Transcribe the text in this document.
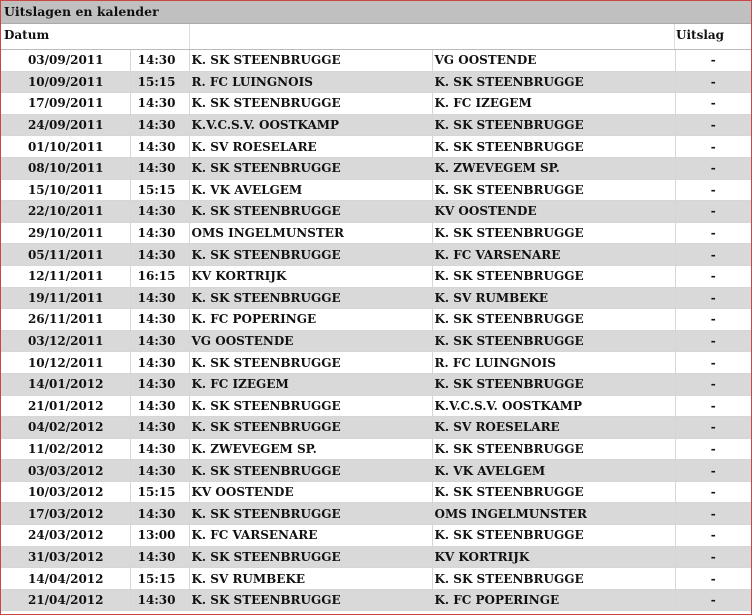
Uitslagen en kalender
Datum	Uitslag
03/09/2011	14:30	K. SK STEENBRUGGE	VG OOSTENDE	-
10/09/2011	15:15	R. FC LUINGNOIS	K. SK STEENBRUGGE	-
17/09/2011	14:30	K. SK STEENBRUGGE	K. FC IZEGEM	-
24/09/2011	14:30	K.V.C.S.V. OOSTKAMP	K. SK STEENBRUGGE	-
01/10/2011	14:30	K. SV ROESELARE	K. SK STEENBRUGGE	-
08/10/2011	14:30	K. SK STEENBRUGGE	K. ZWEVEGEM SP.	-
15/10/2011	15:15	K. VK AVELGEM	K. SK STEENBRUGGE	-
22/10/2011	14:30	K. SK STEENBRUGGE	KV OOSTENDE	-
29/10/2011	14:30	OMS INGELMUNSTER	K. SK STEENBRUGGE	-
05/11/2011	14:30	K. SK STEENBRUGGE	K. FC VARSENARE	-
12/11/2011	16:15	KV KORTRIJK	K. SK STEENBRUGGE	-
19/11/2011	14:30	K. SK STEENBRUGGE	K. SV RUMBEKE	-
26/11/2011	14:30	K. FC POPERINGE	K. SK STEENBRUGGE	-
03/12/2011	14:30	VG OOSTENDE	K. SK STEENBRUGGE	-
10/12/2011	14:30	K. SK STEENBRUGGE	R. FC LUINGNOIS	-
14/01/2012	14:30	K. FC IZEGEM	K. SK STEENBRUGGE	-
21/01/2012	14:30	K. SK STEENBRUGGE	K.V.C.S.V. OOSTKAMP	-
04/02/2012	14:30	K. SK STEENBRUGGE	K. SV ROESELARE	-
11/02/2012	14:30	K. ZWEVEGEM SP.	K. SK STEENBRUGGE	-
03/03/2012	14:30	K. SK STEENBRUGGE	K. VK AVELGEM	-
10/03/2012	15:15	KV OOSTENDE	K. SK STEENBRUGGE	-
17/03/2012	14:30	K. SK STEENBRUGGE	OMS INGELMUNSTER	-
24/03/2012	13:00	K. FC VARSENARE	K. SK STEENBRUGGE	-
31/03/2012	14:30	K. SK STEENBRUGGE	KV KORTRIJK	-
14/04/2012	15:15	K. SV RUMBEKE	K. SK STEENBRUGGE	-
21/04/2012	14:30	K. SK STEENBRUGGE	K. FC POPERINGE	-
